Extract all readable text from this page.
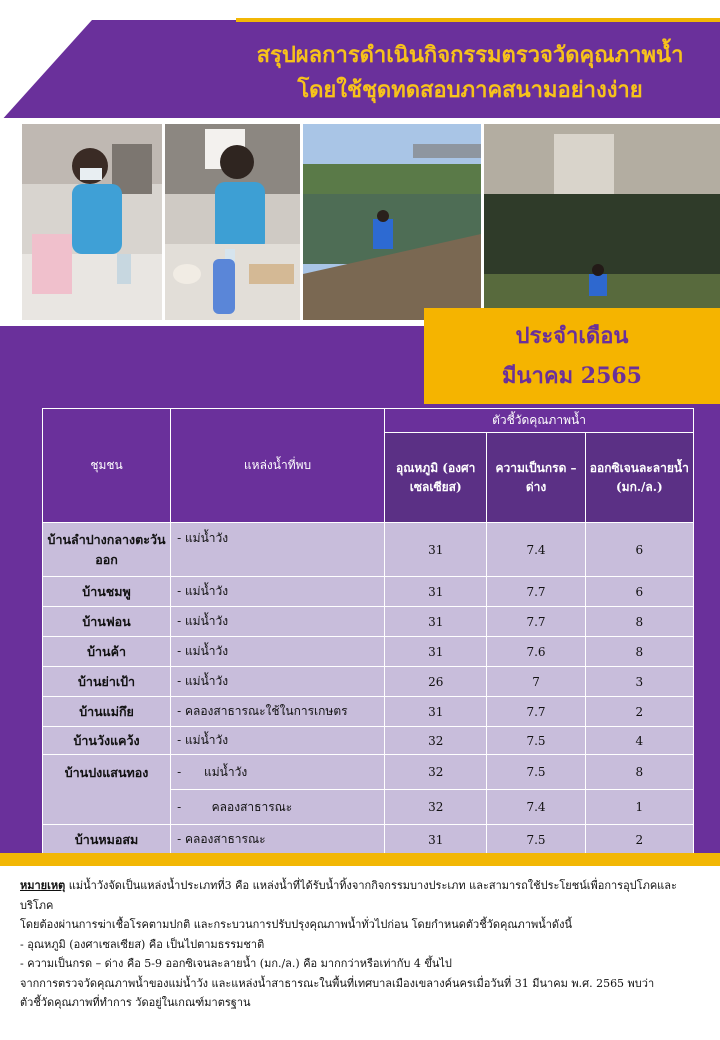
สรุปผลการดำเนินกิจกรรมตรวจวัดคุณภาพน้ำ
โดยใช้ชุดทดสอบภาคสนามอย่างง่าย
ประจำเดือน
มีนาคม 2565
ชุมชน	แหล่งน้ำที่พบ	ตัวชี้วัดคุณภาพน้ำ		
		อุณหภูมิ (องศาเซลเซียส)	ความเป็นกรด – ด่าง	ออกซิเจนละลายน้ำ (มก./ล.)
บ้านลำปางกลางตะวันออก	- แม่น้ำวัง	31	7.4	6
บ้านชมพู	- แม่น้ำวัง	31	7.7	6
บ้านฟอน	- แม่น้ำวัง	31	7.7	8
บ้านค้า	- แม่น้ำวัง	31	7.6	8
บ้านย่าเป้า	- แม่น้ำวัง	26	7	3
บ้านแม่กึย	- คลองสาธารณะใช้ในการเกษตร	31	7.7	2
บ้านวังแคว้ง	- แม่น้ำวัง	32	7.5	4
บ้านปงแสนทอง	-      แม่น้ำวัง	32	7.5	8
	-        คลองสาธารณะ	32	7.4	1
บ้านหมอสม	- คลองสาธารณะ	31	7.5	2
หมายเหตุ แม่น้ำวังจัดเป็นแหล่งน้ำประเภทที่3 คือ แหล่งน้ำที่ได้รับน้ำทิ้งจากกิจกรรมบางประเภท และสามารถใช้ประโยชน์เพื่อการอุปโภคและบริโภค
โดยต้องผ่านการฆ่าเชื้อโรคตามปกติ และกระบวนการปรับปรุงคุณภาพน้ำทั่วไปก่อน โดยกำหนดตัวชี้วัดคุณภาพน้ำดังนี้
- อุณหภูมิ (องศาเซลเซียส) คือ เป็นไปตามธรรมชาติ
- ความเป็นกรด – ด่าง คือ 5-9 ออกซิเจนละลายน้ำ (มก./ล.) คือ มากกว่าหรือเท่ากับ 4 ขึ้นไป
จากการตรวจวัดคุณภาพน้ำของแม่น้ำวัง และแหล่งน้ำสาธารณะในพื้นที่เทศบาลเมืองเขลางค์นครเมื่อวันที่ 31 มีนาคม พ.ศ. 2565 พบว่า
ตัวชี้วัดคุณภาพที่ทำการ วัดอยู่ในเกณฑ์มาตรฐาน
